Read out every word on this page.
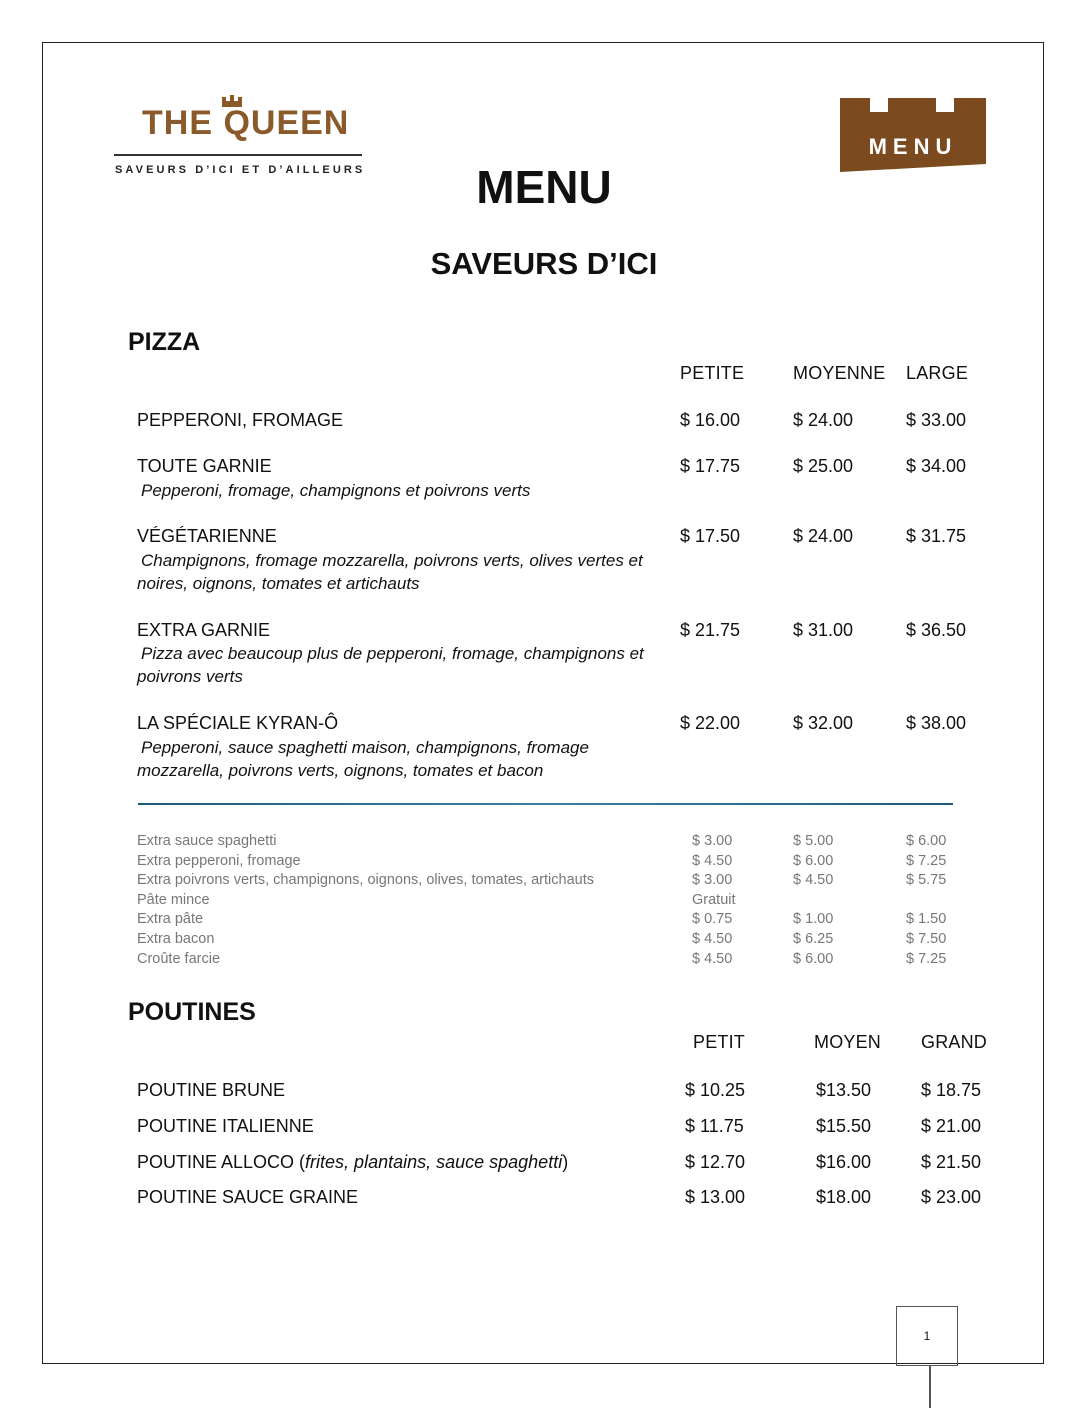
THE QUEEN
SAVEURS D’ICI ET D’AILLEURS
MENU
MENU
SAVEURS D’ICI
PIZZA
PETITE	MOYENNE LARGE
PEPPERONI, FROMAGE	$ 16.00	$ 24.00	$ 33.00
TOUTE GARNIE
Pepperoni, fromage, champignons et poivrons verts
$ 17.75	$ 25.00	$ 34.00
VÉGÉTARIENNE
Champignons, fromage mozzarella, poivrons verts, olives vertes et noires, oignons, tomates et artichauts
$ 17.50	$ 24.00	$ 31.75
EXTRA GARNIE
Pizza avec beaucoup plus de pepperoni, fromage, champignons et poivrons verts
$ 21.75	$ 31.00	$ 36.50
LA SPÉCIALE KYRAN-Ô
Pepperoni, sauce spaghetti maison, champignons, fromage mozzarella, poivrons verts, oignons, tomates et bacon
$ 22.00	$ 32.00	$ 38.00
Extra sauce spaghetti	$ 3.00	$ 5.00	$ 6.00
Extra pepperoni, fromage	$ 4.50	$ 6.00	$ 7.25
Extra poivrons verts, champignons, oignons, olives, tomates, artichauts	$ 3.00	$ 4.50	$ 5.75
Pâte mince	Gratuit
Extra pâte	$ 0.75	$ 1.00	$ 1.50
Extra bacon	$ 4.50	$ 6.25	$ 7.50
Croûte farcie	$ 4.50	$ 6.00	$ 7.25
POUTINES
PETIT	MOYEN GRAND
POUTINE BRUNE	$ 10.25	$13.50	$ 18.75
POUTINE ITALIENNE	$ 11.75	$15.50	$ 21.00
POUTINE ALLOCO (frites, plantains, sauce spaghetti)	$ 12.70	$16.00	$ 21.50
POUTINE SAUCE GRAINE	$ 13.00	$18.00	$ 23.00
1
